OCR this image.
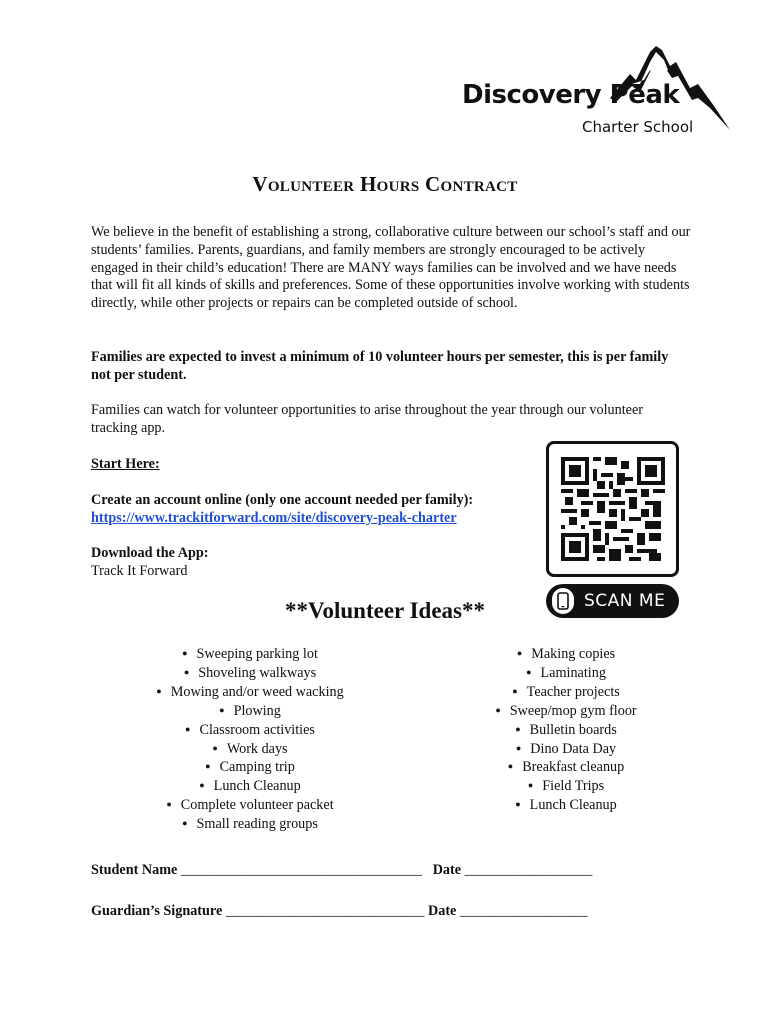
Discovery Peak
Charter School
Volunteer Hours Contract

We believe in the benefit of establishing a strong, collaborative culture between our school’s staff and our students’ families. Parents, guardians, and family members are strongly encouraged to be actively engaged in their child’s education! There are MANY ways families can be involved and we have needs that will fit all kinds of skills and preferences. Some of these opportunities involve working with students directly, while other projects or repairs can be completed outside of school.

Families are expected to invest a minimum of 10 volunteer hours per semester, this is per family not per student.

Families can watch for volunteer opportunities to arise throughout the year through our volunteer tracking app.

Start Here:

Create an account online (only one account needed per family):

https://www.trackitforward.com/site/discovery-peak-charter

Download the App:

Track It Forward

SCAN ME
**Volunteer Ideas**
● Sweeping parking lot
● Shoveling walkways
● Mowing and/or weed wacking
● Plowing
● Classroom activities
● Work days
● Camping trip
● Lunch Cleanup
● Complete volunteer packet
● Small reading groups
● Making copies
● Laminating
● Teacher projects
● Sweep/mop gym floor
● Bulletin boards
● Dino Data Day
● Breakfast cleanup
● Field Trips
● Lunch Cleanup
Student Name __________________________________ Date __________________
Guardian’s Signature ____________________________ Date __________________
